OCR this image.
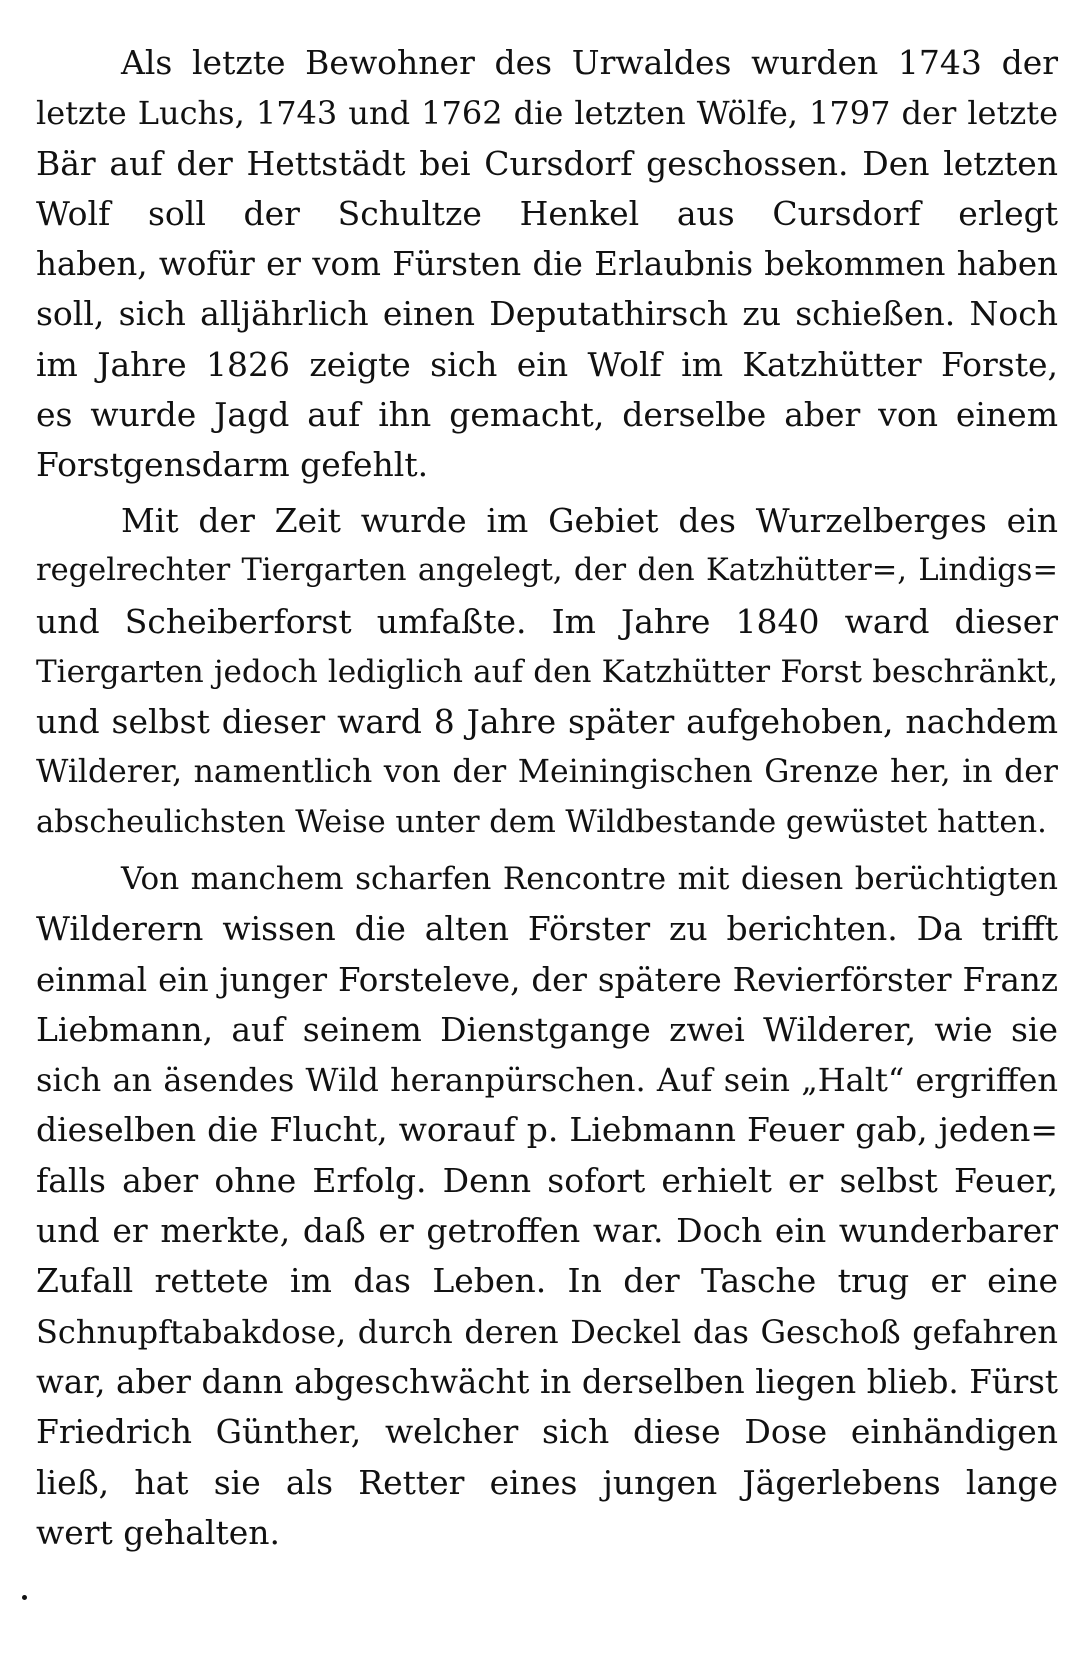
Als letzte Bewohner des Urwaldes wurden 1743 der
letzte Luchs, 1743 und 1762 die letzten Wölfe, 1797 der letzte
Bär auf der Hettstädt bei Cursdorf geschossen. Den letzten
Wolf soll der Schultze Henkel aus Cursdorf erlegt
haben, wofür er vom Fürsten die Erlaubnis bekommen haben
soll, sich alljährlich einen Deputathirsch zu schießen. Noch
im Jahre 1826 zeigte sich ein Wolf im Katzhütter Forste,
es wurde Jagd auf ihn gemacht, derselbe aber von einem
Forstgensdarm gefehlt.
Mit der Zeit wurde im Gebiet des Wurzelberges ein
regelrechter Tiergarten angelegt, der den Katzhütter=, Lindigs=
und Scheiberforst umfaßte. Im Jahre 1840 ward dieser
Tiergarten jedoch lediglich auf den Katzhütter Forst beschränkt,
und selbst dieser ward 8 Jahre später aufgehoben, nachdem
Wilderer, namentlich von der Meiningischen Grenze her, in der
abscheulichsten Weise unter dem Wildbestande gewüstet hatten.
Von manchem scharfen Rencontre mit diesen berüchtigten
Wilderern wissen die alten Förster zu berichten. Da trifft
einmal ein junger Forsteleve, der spätere Revierförster Franz
Liebmann, auf seinem Dienstgange zwei Wilderer, wie sie
sich an äsendes Wild heranpürschen. Auf sein „Halt“ ergriffen
dieselben die Flucht, worauf p. Liebmann Feuer gab, jeden=
falls aber ohne Erfolg. Denn sofort erhielt er selbst Feuer,
und er merkte, daß er getroffen war. Doch ein wunderbarer
Zufall rettete im das Leben. In der Tasche trug er eine
Schnupftabakdose, durch deren Deckel das Geschoß gefahren
war, aber dann abgeschwächt in derselben liegen blieb. Fürst
Friedrich Günther, welcher sich diese Dose einhändigen
ließ, hat sie als Retter eines jungen Jägerlebens lange
wert gehalten.
